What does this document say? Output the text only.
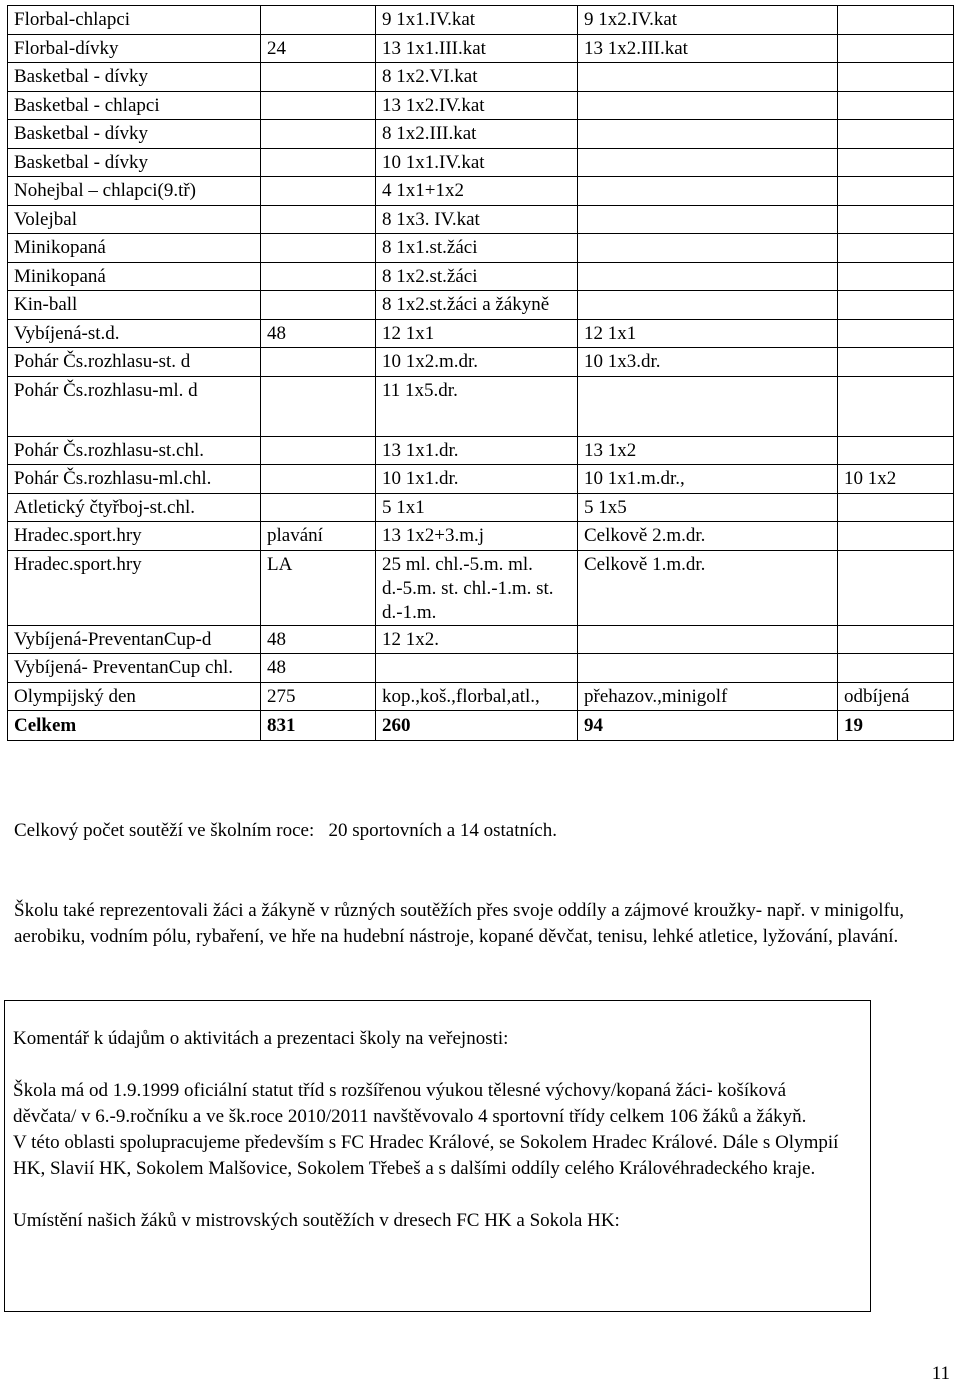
Florbal-chlapci		9 1x1.IV.kat	9 1x2.IV.kat	
Florbal-dívky	24	13 1x1.III.kat	13 1x2.III.kat	
Basketbal - dívky		8 1x2.VI.kat		
Basketbal - chlapci		13 1x2.IV.kat		
Basketbal - dívky		8 1x2.III.kat		
Basketbal - dívky		10 1x1.IV.kat		
Nohejbal – chlapci(9.tř)		4 1x1+1x2		
Volejbal		8 1x3. IV.kat		
Minikopaná		8 1x1.st.žáci		
Minikopaná		8 1x2.st.žáci		
Kin-ball		8 1x2.st.žáci a žákyně		
Vybíjená-st.d.	48	12 1x1	12 1x1	
Pohár Čs.rozhlasu-st. d		10 1x2.m.dr.	10 1x3.dr.	
Pohár Čs.rozhlasu-ml. d		11 1x5.dr.		
Pohár Čs.rozhlasu-st.chl.		13 1x1.dr.	13 1x2	
Pohár Čs.rozhlasu-ml.chl.		10 1x1.dr.	10 1x1.m.dr.,	10 1x2
Atletický čtyřboj-st.chl.		5 1x1	5 1x5	
Hradec.sport.hry	plavání	13 1x2+3.m.j	Celkově 2.m.dr.	
Hradec.sport.hry	LA	25 ml. chl.-5.m. ml. d.-5.m. st. chl.-1.m. st. d.-1.m.	Celkově 1.m.dr.	
Vybíjená-PreventanCup-d	48	12 1x2.		
Vybíjená- PreventanCup chl.	48			
Olympijský den	275	kop.,koš.,florbal,atl.,	přehazov.,minigolf	odbíjená
Celkem	831	260	94	19

Celkový počet soutěží ve školním roce: 20 sportovních a 14 ostatních.

Školu také reprezentovali žáci a žákyně v různých soutěžích přes svoje oddíly a zájmové kroužky- např. v minigolfu, aerobiku, vodním pólu, rybaření, ve hře na hudební nástroje, kopané děvčat, tenisu, lehké atletice, lyžování, plavání.

Komentář k údajům o aktivitách a prezentaci školy na veřejnosti:

Škola má od 1.9.1999 oficiální statut tříd s rozšířenou výukou tělesné výchovy/kopaná žáci- košíková děvčata/ v 6.-9.ročníku a ve šk.roce 2010/2011 navštěvovalo 4 sportovní třídy celkem 106 žáků a žákyň.

V této oblasti spolupracujeme především s FC Hradec Králové, se Sokolem Hradec Králové. Dále s Olympií HK, Slavií HK, Sokolem Malšovice, Sokolem Třebeš a s dalšími oddíly celého Královéhradeckého kraje.

Umístění našich žáků v mistrovských soutěžích v dresech FC HK a Sokola HK:

11
